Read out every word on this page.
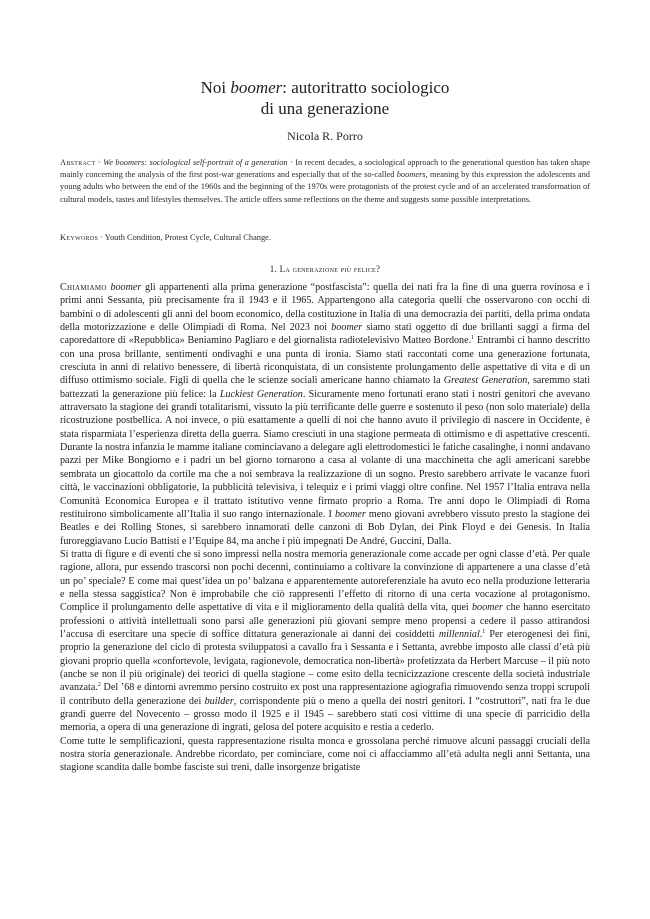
Noi boomer: autoritratto sociologico
di una generazione
Nicola R. Porro
Abstract · We boomers: sociological self-portrait of a generation · In recent decades, a sociological approach to the generational question has taken shape mainly concerning the analysis of the first post-war generations and especially that of the so-called boomers, meaning by this expression the adolescents and young adults who between the end of the 1960s and the beginning of the 1970s were protagonists of the protest cycle and of an accelerated transformation of cultural models, tastes and lifestyles themselves. The article offers some reflections on the theme and suggests some possible interpretations.
Keywords · Youth Condition, Protest Cycle, Cultural Change.
1. La generazione più felice?

Chiamiamo boomer gli appartenenti alla prima generazione “postfascista”: quella dei nati fra la fine di una guerra rovinosa e i primi anni Sessanta, più precisamente fra il 1943 e il 1965. Appartengono alla categoria quelli che osservarono con occhi di bambini o di adolescenti gli anni del boom economico, della costituzione in Italia di una democrazia dei partiti, della prima ondata della motorizzazione e delle Olimpiadi di Roma. Nel 2023 noi boomer siamo stati oggetto di due brillanti saggi a firma del caporedattore di «Repubblica» Beniamino Pagliaro e del giornalista radiotelevisivo Matteo Bordone.$^1$ Entrambi ci hanno descritto con una prosa brillante, sentimenti ondivaghi e una punta di ironia. Siamo stati raccontati come una generazione fortunata, cresciuta in anni di relativo benessere, di libertà riconquistata, di un consistente prolungamento delle aspettative di vita e di un diffuso ottimismo sociale. Figli di quella che le scienze sociali americane hanno chiamato la Greatest Generation, saremmo stati battezzati la generazione più felice: la Luckiest Generation. Sicuramente meno fortunati erano stati i nostri genitori che avevano attraversato la stagione dei grandi totalitarismi, vissuto la più terrificante delle guerre e sostenuto il peso (non solo materiale) della ricostruzione postbellica. A noi invece, o più esattamente a quelli di noi che hanno avuto il privilegio di nascere in Occidente, è stata risparmiata l’esperienza diretta della guerra. Siamo cresciuti in una stagione permeata di ottimismo e di aspettative crescenti. Durante la nostra infanzia le mamme italiane cominciavano a delegare agli elettrodomestici le fatiche casalinghe, i nonni andavano pazzi per Mike Bongiorno e i padri un bel giorno tornarono a casa al volante di una macchinetta che agli americani sarebbe sembrata un giocattolo da cortile ma che a noi sembrava la realizzazione di un sogno. Presto sarebbero arrivate le vacanze fuori città, le vaccinazioni obbligatorie, la pubblicità televisiva, i telequiz e i primi viaggi oltre confine. Nel 1957 l’Italia entrava nella Comunità Economica Europea e il trattato istitutivo venne firmato proprio a Roma. Tre anni dopo le Olimpiadi di Roma restituirono simbolicamente all’Italia il suo rango internazionale. I boomer meno giovani avrebbero vissuto presto la stagione dei Beatles e dei Rolling Stones, si sarebbero innamorati delle canzoni di Bob Dylan, dei Pink Floyd e dei Genesis. In Italia furoreggiavano Lucio Battisti e l’Equipe 84, ma anche i più impegnati De André, Guccini, Dalla.

Si tratta di figure e di eventi che si sono impressi nella nostra memoria generazionale come accade per ogni classe d’età. Per quale ragione, allora, pur essendo trascorsi non pochi decenni, continuiamo a coltivare la convinzione di appartenere a una classe d’età un po’ speciale? E come mai quest’idea un po’ balzana e apparentemente autoreferenziale ha avuto eco nella produzione letteraria e nella stessa saggistica? Non è improbabile che ciò rappresenti l’effetto di ritorno di una certa vocazione al protagonismo. Complice il prolungamento delle aspettative di vita e il miglioramento della qualità della vita, quei boomer che hanno esercitato professioni o attività intellettuali sono parsi alle generazioni più giovani sempre meno propensi a cedere il passo attirandosi l’accusa di esercitare una specie di soffice dittatura generazionale ai danni dei cosiddetti millennial.$^1$ Per eterogenesi dei fini, proprio la generazione del ciclo di protesta sviluppatosi a cavallo fra i Sessanta e i Settanta, avrebbe imposto alle classi d’età più giovani proprio quella «confortevole, levigata, ragionevole, democratica non-libertà» profetizzata da Herbert Marcuse – il più noto (anche se non il più originale) dei teorici di quella stagione – come esito della tecnicizzazione crescente della società industriale avanzata.$^2$ Del ’68 e dintorni avremmo persino costruito ex post una rappresentazione agiografia rimuovendo senza troppi scrupoli il contributo della generazione dei builder, corrispondente più o meno a quella dei nostri genitori. I “costruttori”, nati fra le due grandi guerre del Novecento – grosso modo il 1925 e il 1945 – sarebbero stati così vittime di una specie di parricidio della memoria, a opera di una generazione di ingrati, gelosa del potere acquisito e restia a cederlo.

Come tutte le semplificazioni, questa rappresentazione risulta monca e grossolana perché rimuove alcuni passaggi cruciali della nostra storia generazionale. Andrebbe ricordato, per cominciare, come noi ci affacciammo all’età adulta negli anni Settanta, una stagione scandita dalle bombe fasciste sui treni, dalle insorgenze brigatiste
